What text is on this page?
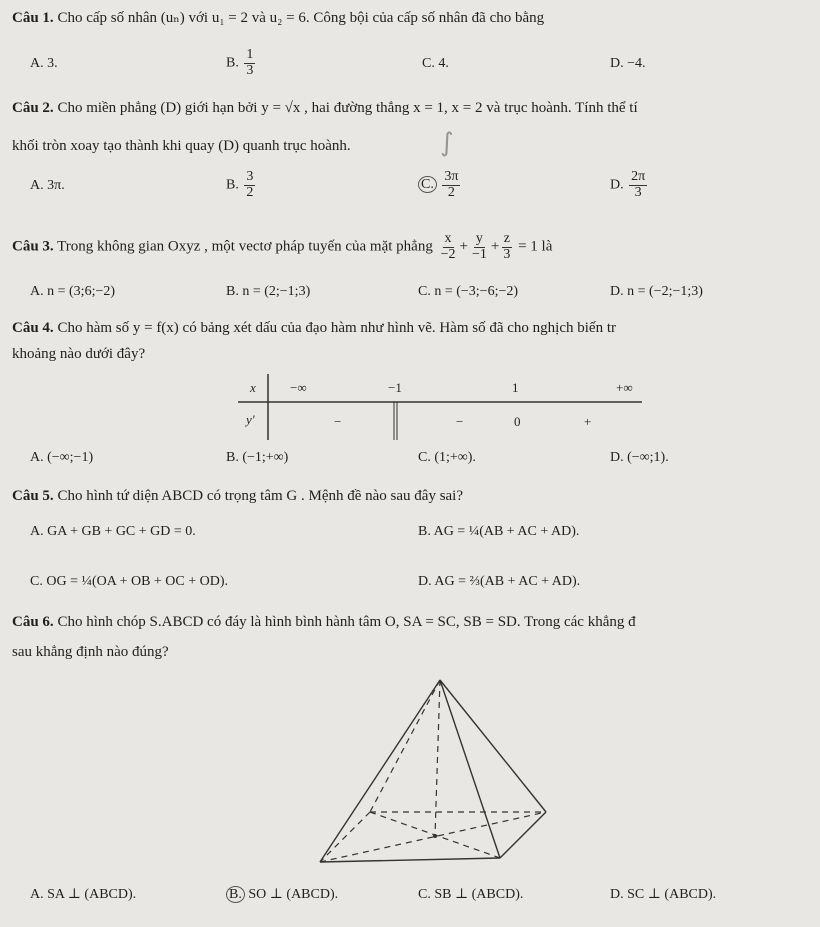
Câu 1. Cho cấp số nhân (uₙ) với u₁ = 2 và u₂ = 6. Công bội của cấp số nhân đã cho bằng
A. 3.	B. $\frac{1}{3}$	C. 4.	D. −4.
Câu 2. Cho miền phẳng (D) giới hạn bởi y = √x , hai đường thẳng x = 1, x = 2 và trục hoành. Tính thể tí
khối tròn xoay tạo thành khi quay (D) quanh trục hoành.	∫
A. 3π.	B. $\frac{3}{2}$	C. $\frac{3\pi}{2}$	D. $\frac{2\pi}{3}$
Câu 3. Trong không gian Oxyz , một vectơ pháp tuyến của mặt phẳng $\frac{x}{-2} + \frac{y}{-1} + \frac{z}{3} = 1$ là
A. n = (3;6;−2)	B. n = (2;−1;3)	C. n = (−3;−6;−2)	D. n = (−2;−1;3)
Câu 4. Cho hàm số y = f(x) có bảng xét dấu của đạo hàm như hình vẽ. Hàm số đã cho nghịch biến tr
khoảng nào dưới đây?
x	−∞	−1	1	+∞
y'	−	−	0	+
A. (−∞;−1)	B. (−1;+∞)	C. (1;+∞).	D. (−∞;1).
Câu 5. Cho hình tứ diện ABCD có trọng tâm G . Mệnh đề nào sau đây sai?
A. GA + GB + GC + GD = 0.	B. AG = ¼(AB + AC + AD).
C. OG = ¼(OA + OB + OC + OD).	D. AG = ⅔(AB + AC + AD).
Câu 6. Cho hình chóp S.ABCD có đáy là hình bình hành tâm O, SA = SC, SB = SD. Trong các khẳng đ
sau khẳng định nào đúng?
A. SA ⊥ (ABCD).	B. SO ⊥ (ABCD).	C. SB ⊥ (ABCD).	D. SC ⊥ (ABCD).
